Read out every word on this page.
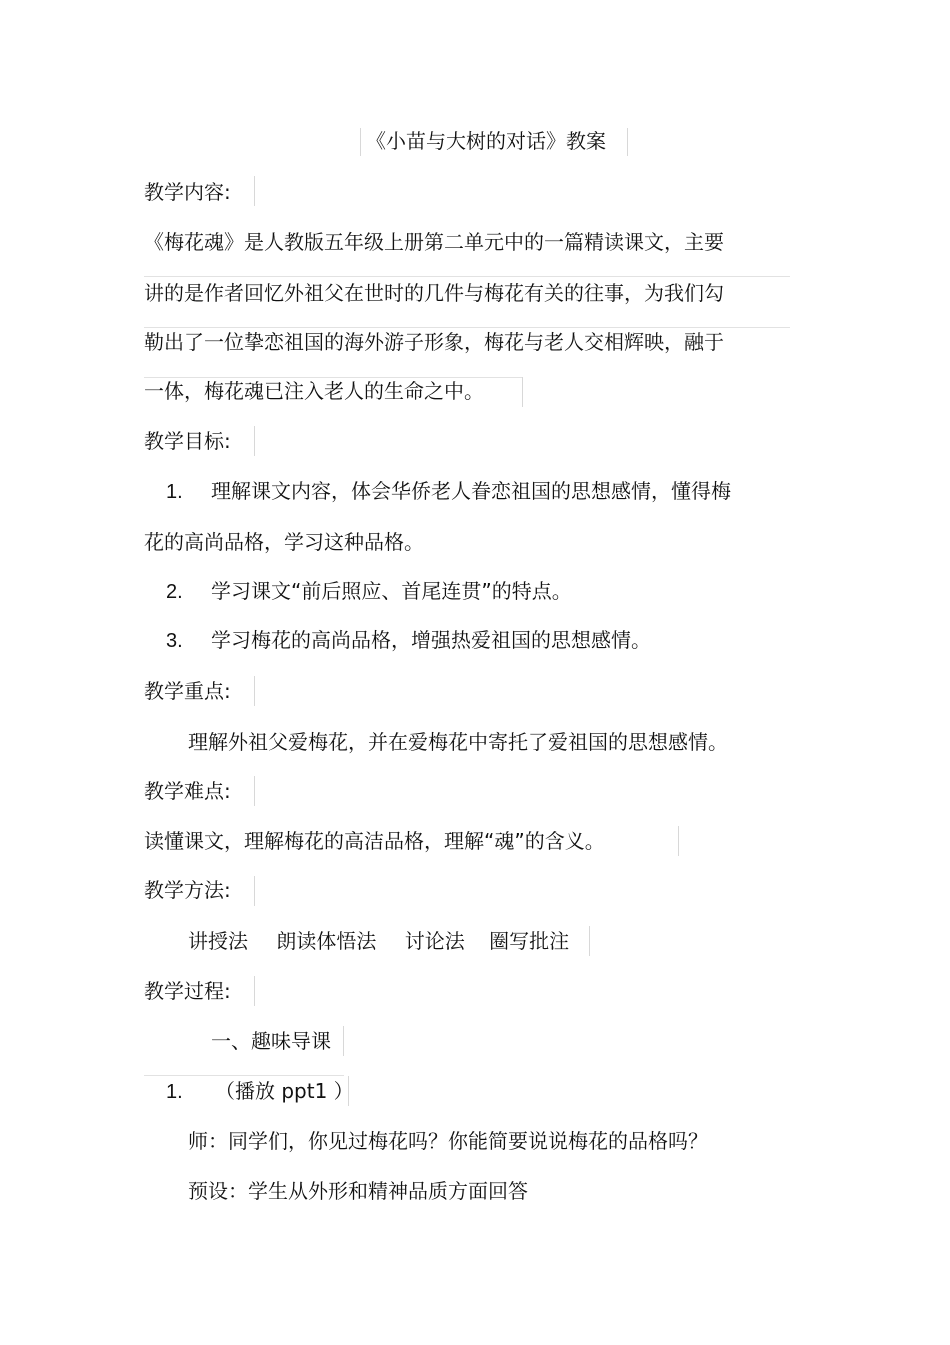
《小苗与大树的对话》教案
教学内容:
《梅花魂》是人教版五年级上册第二单元中的一篇精读课文，主要
讲的是作者回忆外祖父在世时的几件与梅花有关的往事，为我们勾
勒出了一位挚恋祖国的海外游子形象，梅花与老人交相辉映，融于
一体，梅花魂已注入老人的生命之中。
教学目标:
1. 理解课文内容，体会华侨老人眷恋祖国的思想感情，懂得梅
花的高尚品格，学习这种品格。
2. 学习课文“前后照应、首尾连贯”的特点。
3. 学习梅花的高尚品格，增强热爱祖国的思想感情。
教学重点:
理解外祖父爱梅花，并在爱梅花中寄托了爱祖国的思想感情。
教学难点:
读懂课文，理解梅花的高洁品格，理解“魂”的含义。
教学方法:
讲授法 朗读体悟法 讨论法 圈写批注
教学过程:
一、趣味导课
1. （播放 ppt1 ）
师：同学们，你见过梅花吗？你能简要说说梅花的品格吗？
预设：学生从外形和精神品质方面回答
